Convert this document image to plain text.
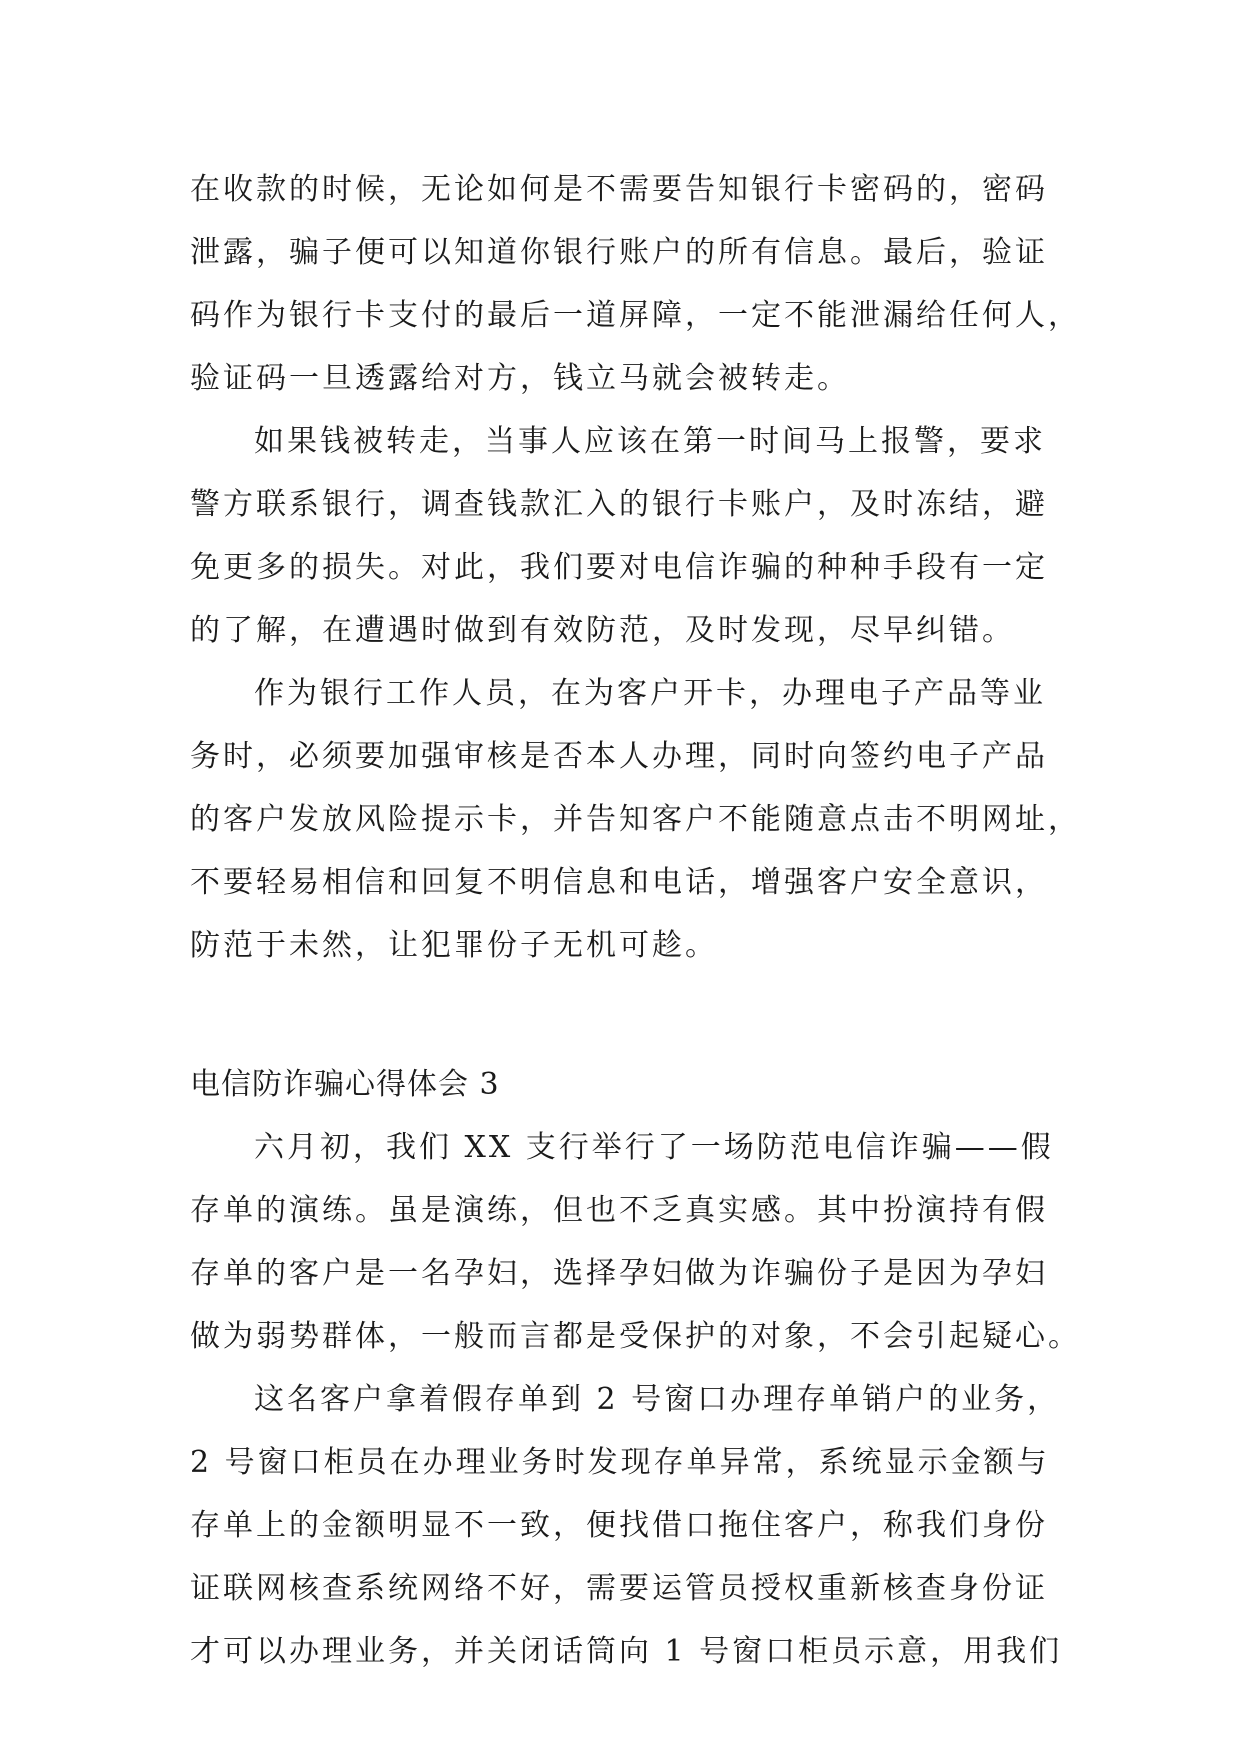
在收款的时候，无论如何是不需要告知银行卡密码的，密码
泄露，骗子便可以知道你银行账户的所有信息。最后，验证
码作为银行卡支付的最后一道屏障，一定不能泄漏给任何人，
验证码一旦透露给对方，钱立马就会被转走。
如果钱被转走，当事人应该在第一时间马上报警，要求
警方联系银行，调查钱款汇入的银行卡账户，及时冻结，避
免更多的损失。对此，我们要对电信诈骗的种种手段有一定
的了解，在遭遇时做到有效防范，及时发现，尽早纠错。
作为银行工作人员，在为客户开卡，办理电子产品等业
务时，必须要加强审核是否本人办理，同时向签约电子产品
的客户发放风险提示卡，并告知客户不能随意点击不明网址，
不要轻易相信和回复不明信息和电话，增强客户安全意识，
防范于未然，让犯罪份子无机可趁。
电信防诈骗心得体会 3
六月初，我们 XX 支行举行了一场防范电信诈骗——假
存单的演练。虽是演练，但也不乏真实感。其中扮演持有假
存单的客户是一名孕妇，选择孕妇做为诈骗份子是因为孕妇
做为弱势群体，一般而言都是受保护的对象，不会引起疑心。
这名客户拿着假存单到 2 号窗口办理存单销户的业务，
2 号窗口柜员在办理业务时发现存单异常，系统显示金额与
存单上的金额明显不一致，便找借口拖住客户，称我们身份
证联网核查系统网络不好，需要运管员授权重新核查身份证
才可以办理业务，并关闭话筒向 1 号窗口柜员示意，用我们
